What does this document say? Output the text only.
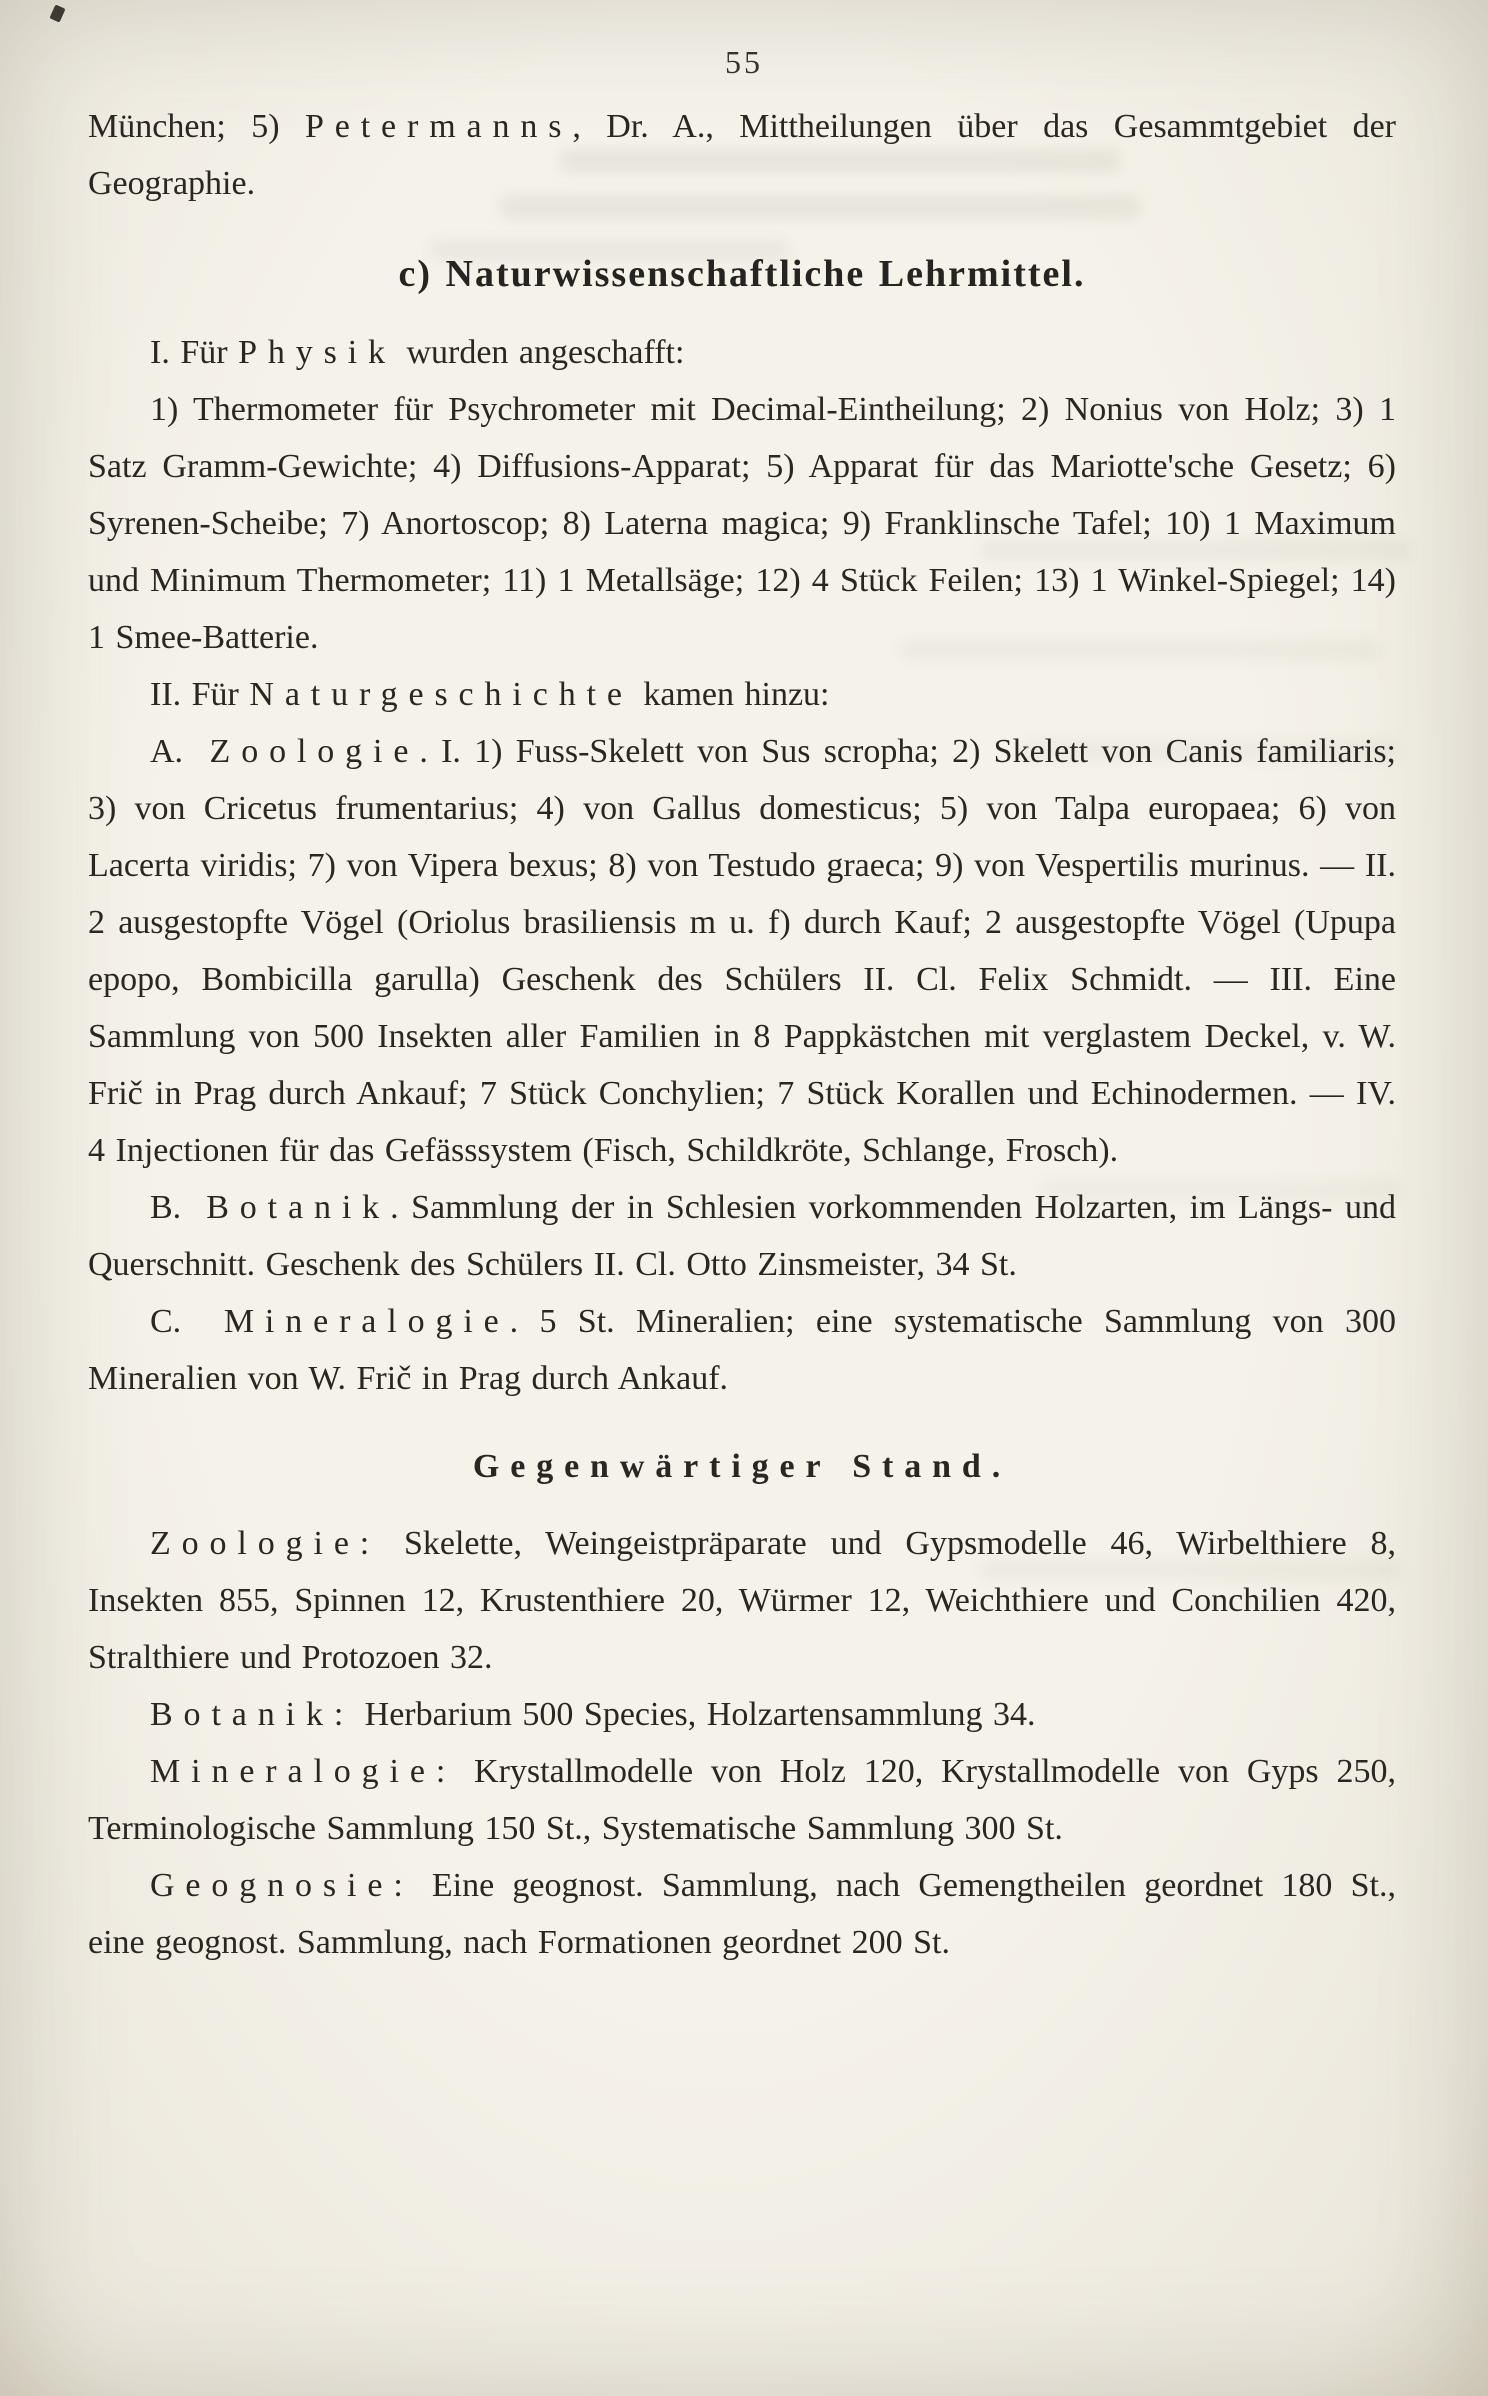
55

München; 5) Petermanns, Dr. A., Mittheilungen über das Gesammtgebiet der Geographie.

c) Naturwissenschaftliche Lehrmittel.

I. Für Physik wurden angeschafft:

1) Thermometer für Psychrometer mit Decimal-Eintheilung; 2) Nonius von Holz; 3) 1 Satz Gramm-Gewichte; 4) Diffusions-Apparat; 5) Apparat für das Mariotte'sche Gesetz; 6) Syrenen-Scheibe; 7) Anortoscop; 8) Laterna magica; 9) Franklinsche Tafel; 10) 1 Maximum und Minimum Thermometer; 11) 1 Metallsäge; 12) 4 Stück Feilen; 13) 1 Winkel-Spiegel; 14) 1 Smee-Batterie.

II. Für Naturgeschichte kamen hinzu:

A.  Zoologie. I. 1) Fuss-Skelett von Sus scropha; 2) Skelett von Canis familiaris; 3) von Cricetus frumentarius; 4) von Gallus domesticus; 5) von Talpa europaea; 6) von Lacerta viridis; 7) von Vipera bexus; 8) von Testudo graeca; 9) von Vespertilis murinus. — II. 2 ausgestopfte Vögel (Oriolus brasiliensis m u. f) durch Kauf; 2 ausgestopfte Vögel (Upupa epopo, Bombicilla garulla) Geschenk des Schülers II. Cl. Felix Schmidt. — III. Eine Sammlung von 500 Insekten aller Familien in 8 Pappkästchen mit verglastem Deckel, v. W. Frič in Prag durch Ankauf; 7 Stück Conchylien; 7 Stück Korallen und Echinodermen. — IV. 4 Injectionen für das Gefässsystem (Fisch, Schildkröte, Schlange, Frosch).

B.  Botanik. Sammlung der in Schlesien vorkommenden Holzarten, im Längs- und Querschnitt. Geschenk des Schülers II. Cl. Otto Zinsmeister, 34 St.

C.  Mineralogie. 5 St. Mineralien; eine systematische Sammlung von 300 Mineralien von W. Frič in Prag durch Ankauf.

Gegenwärtiger Stand.

Zoologie: Skelette, Weingeistpräparate und Gypsmodelle 46, Wirbelthiere 8, Insekten 855, Spinnen 12, Krustenthiere 20, Würmer 12, Weichthiere und Conchilien 420, Stralthiere und Protozoen 32.

Botanik: Herbarium 500 Species, Holzartensammlung 34.

Mineralogie: Krystallmodelle von Holz 120, Krystallmodelle von Gyps 250, Terminologische Sammlung 150 St., Systematische Sammlung 300 St.

Geognosie: Eine geognost. Sammlung, nach Gemengtheilen geordnet 180 St., eine geognost. Sammlung, nach Formationen geordnet 200 St.
